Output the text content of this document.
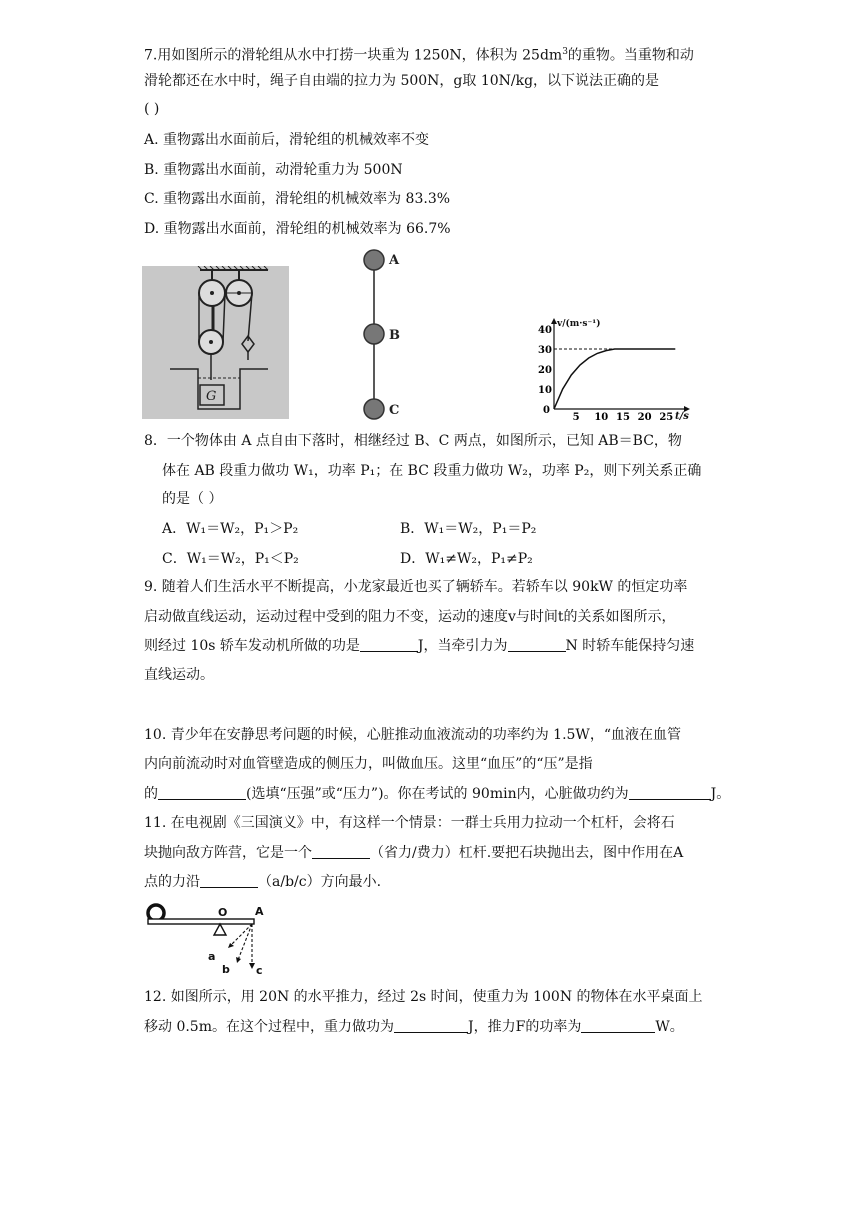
7.用如图所示的滑轮组从水中打捞一块重为 1250N，体积为 $25dm^3$的重物。当重物和动
滑轮都还在水中时，绳子自由端的拉力为 500N，g取 10N/kg，以下说法正确的是
( )
A. 重物露出水面前后，滑轮组的机械效率不变
B. 重物露出水面前，动滑轮重力为 500N
C. 重物露出水面前，滑轮组的机械效率为 83.3%
D. 重物露出水面前，滑轮组的机械效率为 66.7%
G
A
B
C
v/(m·s⁻¹)
t/s
0
5 10 15 20 25
10
20
30
40
8．一个物体由 A 点自由下落时，相继经过 B、C 两点，如图所示，已知 AB＝BC，物
体在 AB 段重力做功 W₁，功率 P₁；在 BC 段重力做功 W₂，功率 P₂，则下列关系正确
的是（ ）
A．W₁＝W₂，P₁＞P₂	B．W₁＝W₂，P₁＝P₂
C．W₁＝W₂，P₁＜P₂	D．W₁≠W₂，P₁≠P₂
9. 随着人们生活水平不断提高，小龙家最近也买了辆轿车。若轿车以 90kW 的恒定功率
启动做直线运动，运动过程中受到的阻力不变，运动的速度v与时间t的关系如图所示，
则经过 10s 轿车发动机所做的功是	J，当牵引力为	N 时轿车能保持匀速
直线运动。
10. 青少年在安静思考问题的时候，心脏推动血液流动的功率约为 1.5W，“血液在血管
内向前流动时对血管壁造成的侧压力，叫做血压。这里“血压”的“压”是指
的	(选填“压强”或“压力”)。你在考试的 90min内，心脏做功约为	J。
11. 在电视剧《三国演义》中，有这样一个情景：一群士兵用力拉动一个杠杆，会将石
块抛向敌方阵营，它是一个	（省力/费力）杠杆.要把石块抛出去，图中作用在A
点的力沿	（a/b/c）方向最小.
O	A
a
b c
12. 如图所示，用 20N 的水平推力，经过 2s 时间，使重力为 100N 的物体在水平桌面上
移动 0.5m。在这个过程中，重力做功为	J，推力F的功率为	W。
